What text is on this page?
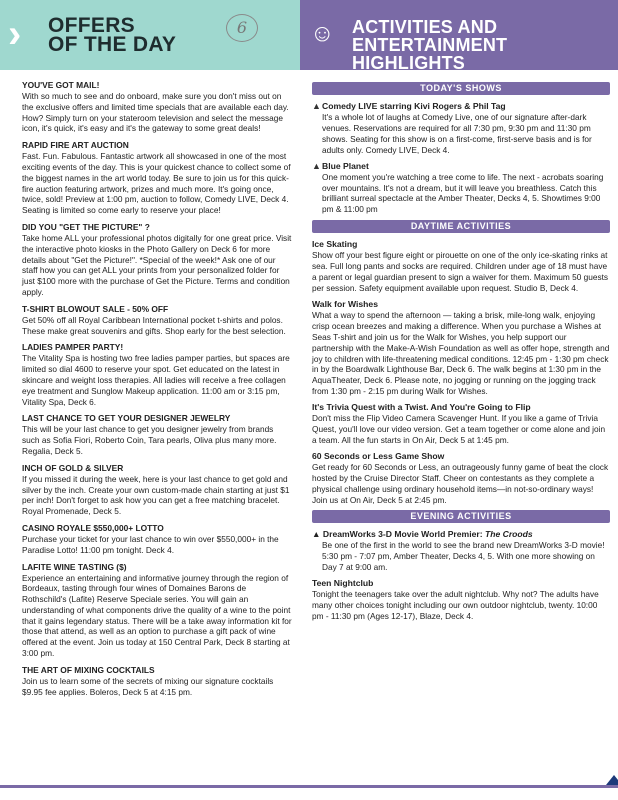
› OFFERS
OF THE DAY
6	☺ ACTIVITIES AND
ENTERTAINMENT HIGHLIGHTS
YOU'VE GOT MAIL!
With so much to see and do onboard, make sure you don't miss out on the exclusive offers and limited time specials that are available each day. How? Simply turn on your stateroom television and select the message icon, it's quick, it's easy and it's the gateway to some great deals!
RAPID FIRE ART AUCTION
Fast. Fun. Fabulous. Fantastic artwork all showcased in one of the most exciting events of the day. This is your quickest chance to collect some of the biggest names in the art world today. Be sure to join us for this quick-fire auction featuring artwork, prizes and much more. It's going once, twice, sold! Preview at 1:00 pm, auction to follow, Comedy LIVE, Deck 4. Seating is limited so come early to reserve your place!
DID YOU "GET THE PICTURE" ?
Take home ALL your professional photos digitally for one great price. Visit the interactive photo kiosks in the Photo Gallery on Deck 6 for more details about "Get the Picture!". *Special of the week!* Ask one of our staff how you can get ALL your prints from your personalized folder for just $100 more with the purchase of Get the Picture. Terms and condition apply.
T-SHIRT BLOWOUT SALE - 50% OFF
Get 50% off all Royal Caribbean International pocket t-shirts and polos. These make great souvenirs and gifts. Shop early for the best selection.
LADIES PAMPER PARTY!
The Vitality Spa is hosting two free ladies pamper parties, but spaces are limited so dial 4600 to reserve your spot. Get educated on the latest in skincare and weight loss therapies. All ladies will receive a free collagen eye treatment and Sunglow Makeup application. 11:00 am or 3:15 pm, Vitality Spa, Deck 6.
LAST CHANCE TO GET YOUR DESIGNER JEWELRY
This will be your last chance to get you designer jewelry from brands such as Sofia Fiori, Roberto Coin, Tara pearls, Oliva plus many more. Regalia, Deck 5.
INCH OF GOLD & SILVER
If you missed it during the week, here is your last chance to get gold and silver by the inch. Create your own custom-made chain starting at just $1 per inch! Don't forget to ask how you can get a free matching bracelet. Royal Promenade, Deck 5.
CASINO ROYALE $550,000+ LOTTO
Purchase your ticket for your last chance to win over $550,000+ in the Paradise Lotto! 11:00 pm tonight. Deck 4.
LAFITE WINE TASTING ($)
Experience an entertaining and informative journey through the region of Bordeaux, tasting through four wines of Domaines Barons de Rothschild's (Lafite) Reserve Speciale series. You will gain an understanding of what components drive the quality of a wine to the point that it gains legendary status. There will be a take away information kit for those that attend, as well as an option to purchase a gift pack of wine offered at the event. Join us today at 150 Central Park, Deck 8 starting at 3:00 pm.
THE ART OF MIXING COCKTAILS
Join us to learn some of the secrets of mixing our signature cocktails $9.95 fee applies. Boleros, Deck 5 at 4:15 pm.
TODAY'S SHOWS
▲Comedy LIVE starring Kivi Rogers & Phil Tag
It's a whole lot of laughs at Comedy Live, one of our signature after-dark venues. Reservations are required for all 7:30 pm, 9:30 pm and 11:30 pm shows. Seating for this show is on a first-come, first-serve basis and is for adults only. Comedy LIVE, Deck 4.
▲Blue Planet
One moment you're watching a tree come to life. The next - acrobats soaring over mountains. It's not a dream, but it will leave you breathless. Catch this brilliant surreal spectacle at the Amber Theater, Decks 4, 5. Showtimes 9:00 pm & 11:00 pm
DAYTIME ACTIVITIES
Ice Skating
Show off your best figure eight or pirouette on one of the only ice-skating rinks at sea. Full long pants and socks are required. Children under age of 18 must have a parent or legal guardian present to sign a waiver for them. Maximum 50 guests per session. Safety equipment available upon request. Studio B, Deck 4.
Walk for Wishes
What a way to spend the afternoon — taking a brisk, mile-long walk, enjoying crisp ocean breezes and making a difference. When you purchase a Wishes at Seas T-shirt and join us for the Walk for Wishes, you help support our partnership with the Make-A-Wish Foundation as well as offer hope, strength and joy to children with life-threatening medical conditions. 12:45 pm - 1:30 pm check in by the Boardwalk Lighthouse Bar, Deck 6. The walk begins at 1:30 pm in the AquaTheater, Deck 6. Please note, no jogging or running on the jogging track from 1:30 pm - 2:15 pm during Walk for Wishes.
It's Trivia Quest with a Twist. And You're Going to Flip
Don't miss the Flip Video Camera Scavenger Hunt. If you like a game of Trivia Quest, you'll love our video version. Get a team together or come alone and join a team. All the fun starts in On Air, Deck 5 at 1:45 pm.
60 Seconds or Less Game Show
Get ready for 60 Seconds or Less, an outrageously funny game of beat the clock hosted by the Cruise Director Staff. Cheer on contestants as they complete a physical challenge using ordinary household items—in not-so-ordinary ways! Join us at On Air, Deck 5 at 2:45 pm.
EVENING ACTIVITIES
▲ DreamWorks 3-D Movie World Premier: The Croods
Be one of the first in the world to see the brand new DreamWorks 3-D movie! 5:30 pm - 7:07 pm, Amber Theater, Decks 4, 5. With one more showing on Day 7 at 9:00 am.
Teen Nightclub
Tonight the teenagers take over the adult nightclub. Why not? The adults have many other choices tonight including our own outdoor nightclub, twenty. 10:00 pm - 11:30 pm (Ages 12-17), Blaze, Deck 4.
